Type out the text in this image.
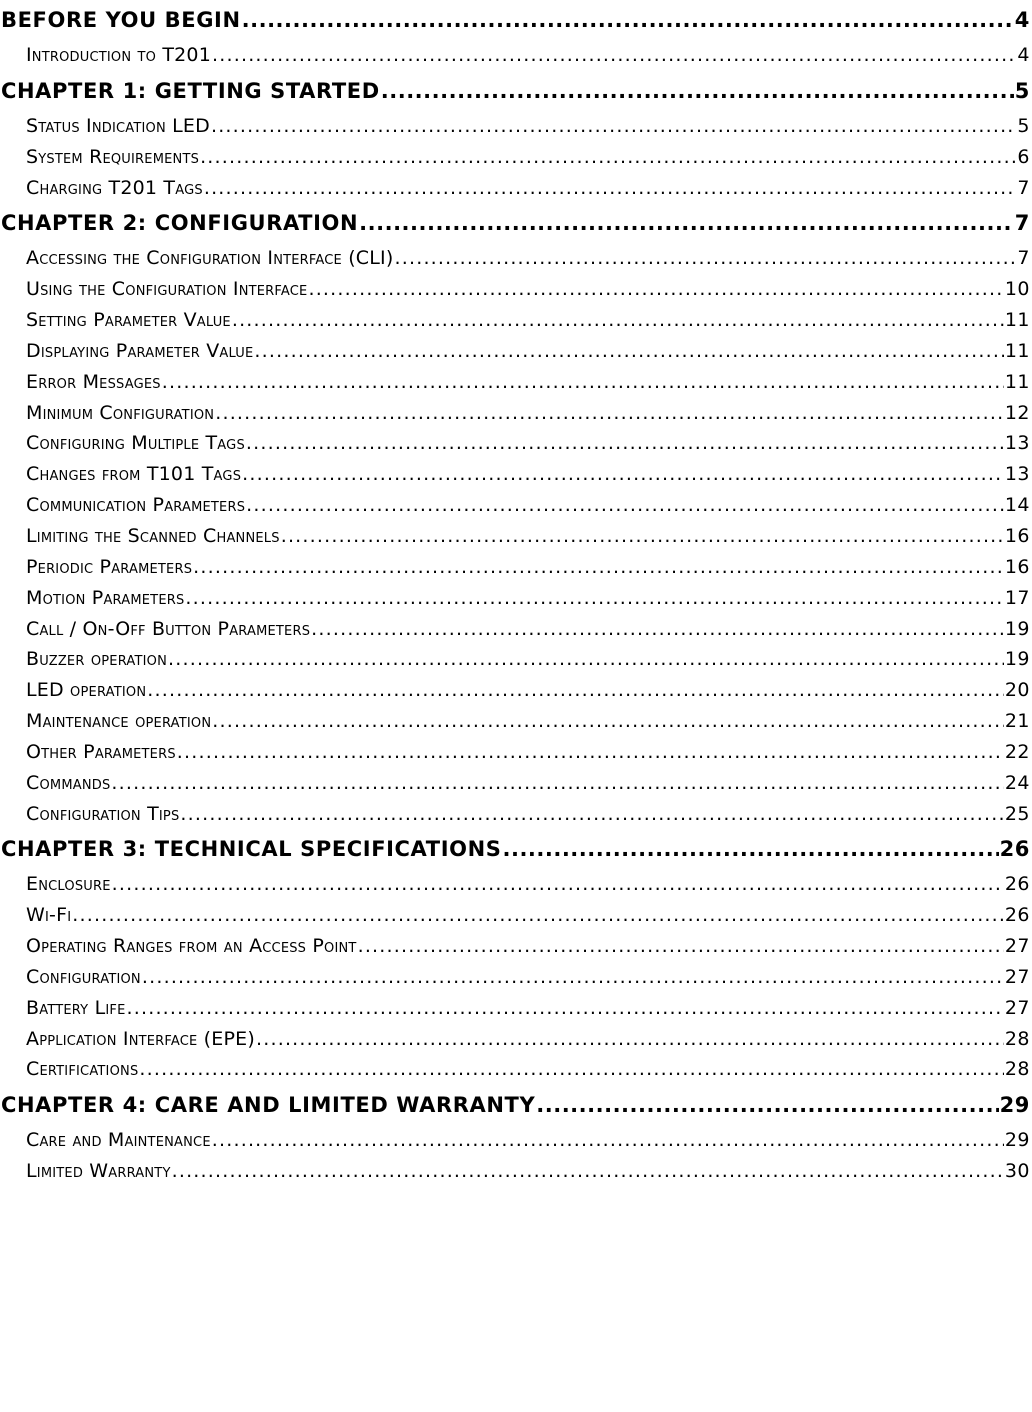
BEFORE YOU BEGIN .....	4
Introduction to T201 .....	4
CHAPTER 1: GETTING STARTED .....	5
Status Indication LED .....	5
System Requirements .....	6
Charging T201 Tags .....	7
CHAPTER 2: CONFIGURATION .....	7
Accessing the Configuration Interface (CLI) .....	7
Using the Configuration Interface .....	10
Setting Parameter Value .....	11
Displaying Parameter Value .....	11
Error Messages .....	11
Minimum Configuration .....	12
Configuring Multiple Tags .....	13
Changes from T101 Tags .....	13
Communication Parameters .....	14
Limiting the Scanned Channels .....	16
Periodic Parameters .....	16
Motion Parameters .....	17
Call / On-Off Button Parameters .....	19
Buzzer operation .....	19
LED operation .....	20
Maintenance operation .....	21
Other Parameters .....	22
Commands .....	24
Configuration Tips .....	25
CHAPTER 3: TECHNICAL SPECIFICATIONS .....	26
Enclosure .....	26
Wi-Fi .....	26
Operating Ranges from an Access Point .....	27
Configuration .....	27
Battery Life .....	27
Application Interface (EPE) .....	28
Certifications .....	28
CHAPTER 4: CARE AND LIMITED WARRANTY .....	29
Care and Maintenance .....	29
Limited Warranty .....	30
